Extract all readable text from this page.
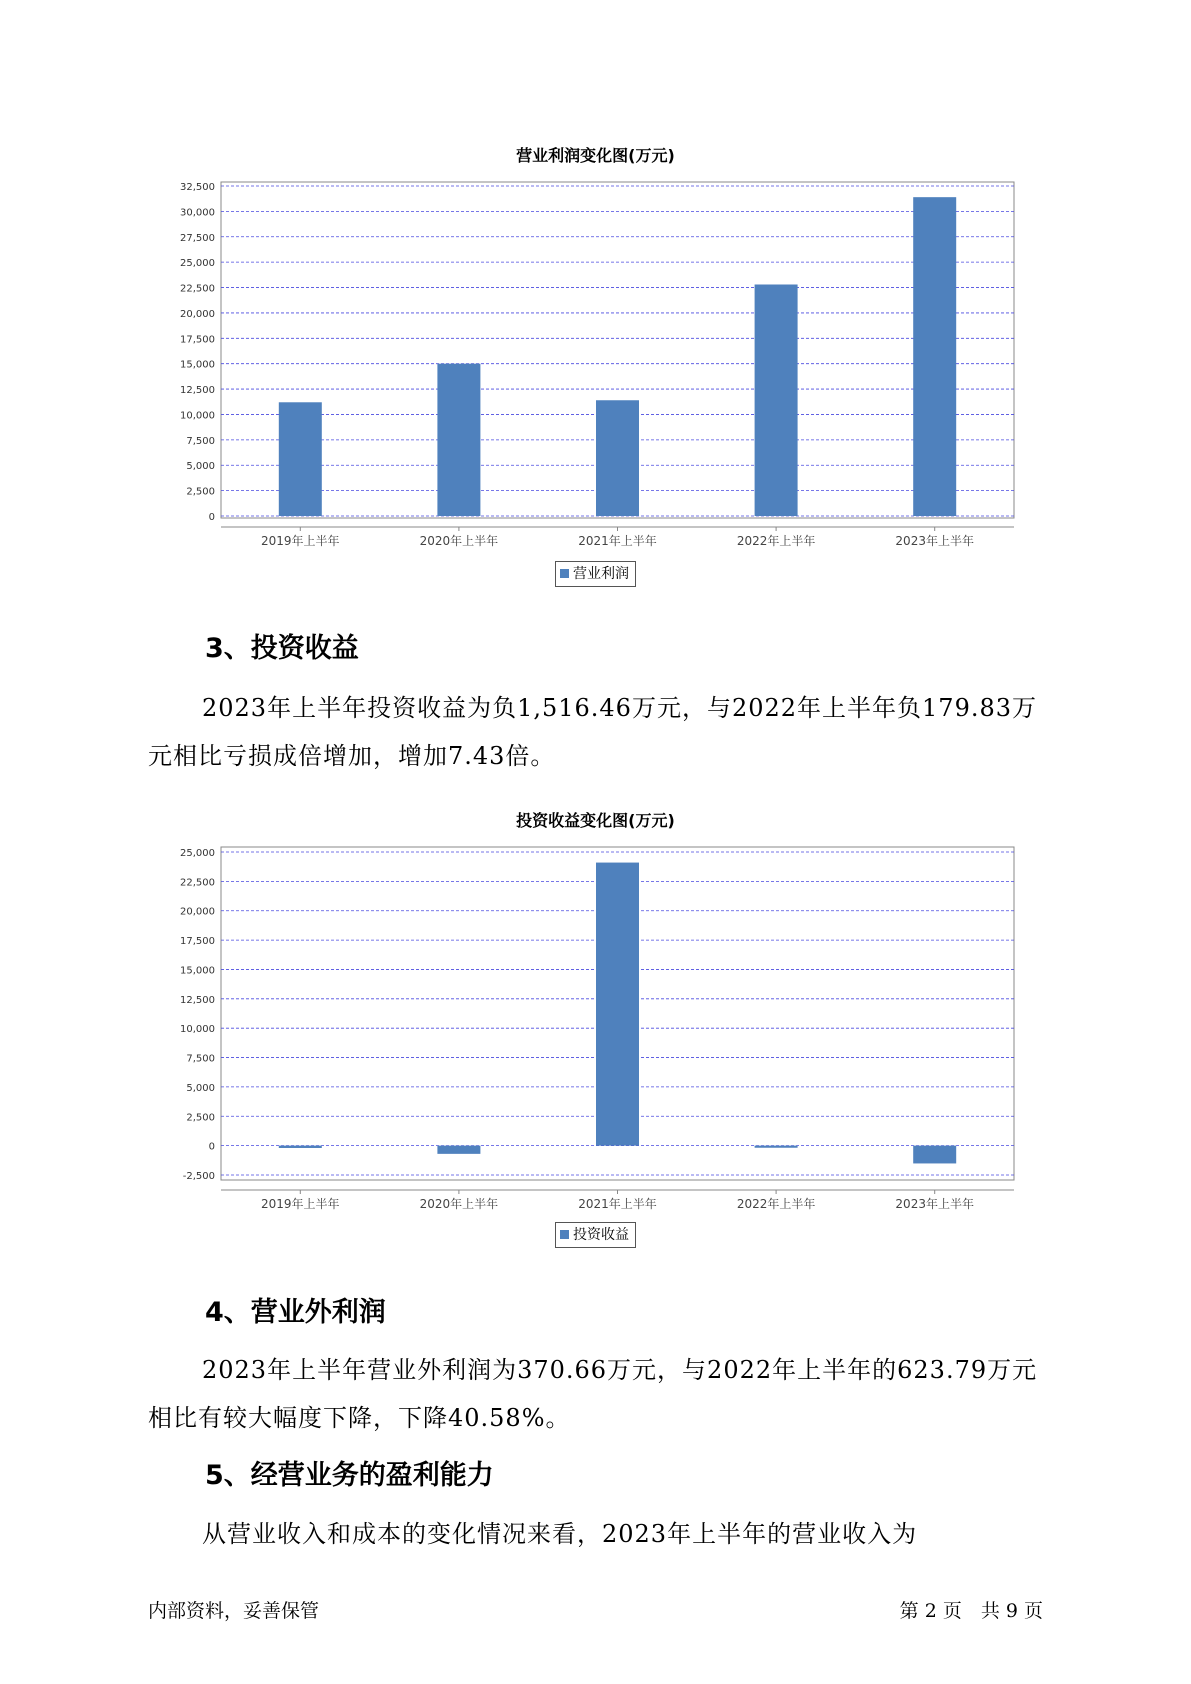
营业利润变化图(万元)
32,500
30,000
27,500
25,000
22,500
20,000
17,500
15,000
12,500
10,000
7,500
5,000
2,500
0
2019年上半年	2020年上半年	2021年上半年	2022年上半年	2023年上半年
营业利润
3、投资收益

2023年上半年投资收益为负1,516.46万元，与2022年上半年负179.83万元相比亏损成倍增加，增加7.43倍。

投资收益变化图(万元)
25,000
22,500
20,000
17,500
15,000
12,500
10,000
7,500
5,000
2,500
0
-2,500
2019年上半年	2020年上半年	2021年上半年	2022年上半年	2023年上半年
投资收益
4、营业外利润

2023年上半年营业外利润为370.66万元，与2022年上半年的623.79万元相比有较大幅度下降，下降40.58%。

5、经营业务的盈利能力

从营业收入和成本的变化情况来看，2023年上半年的营业收入为

内部资料，妥善保管	第 2 页　共 9 页
